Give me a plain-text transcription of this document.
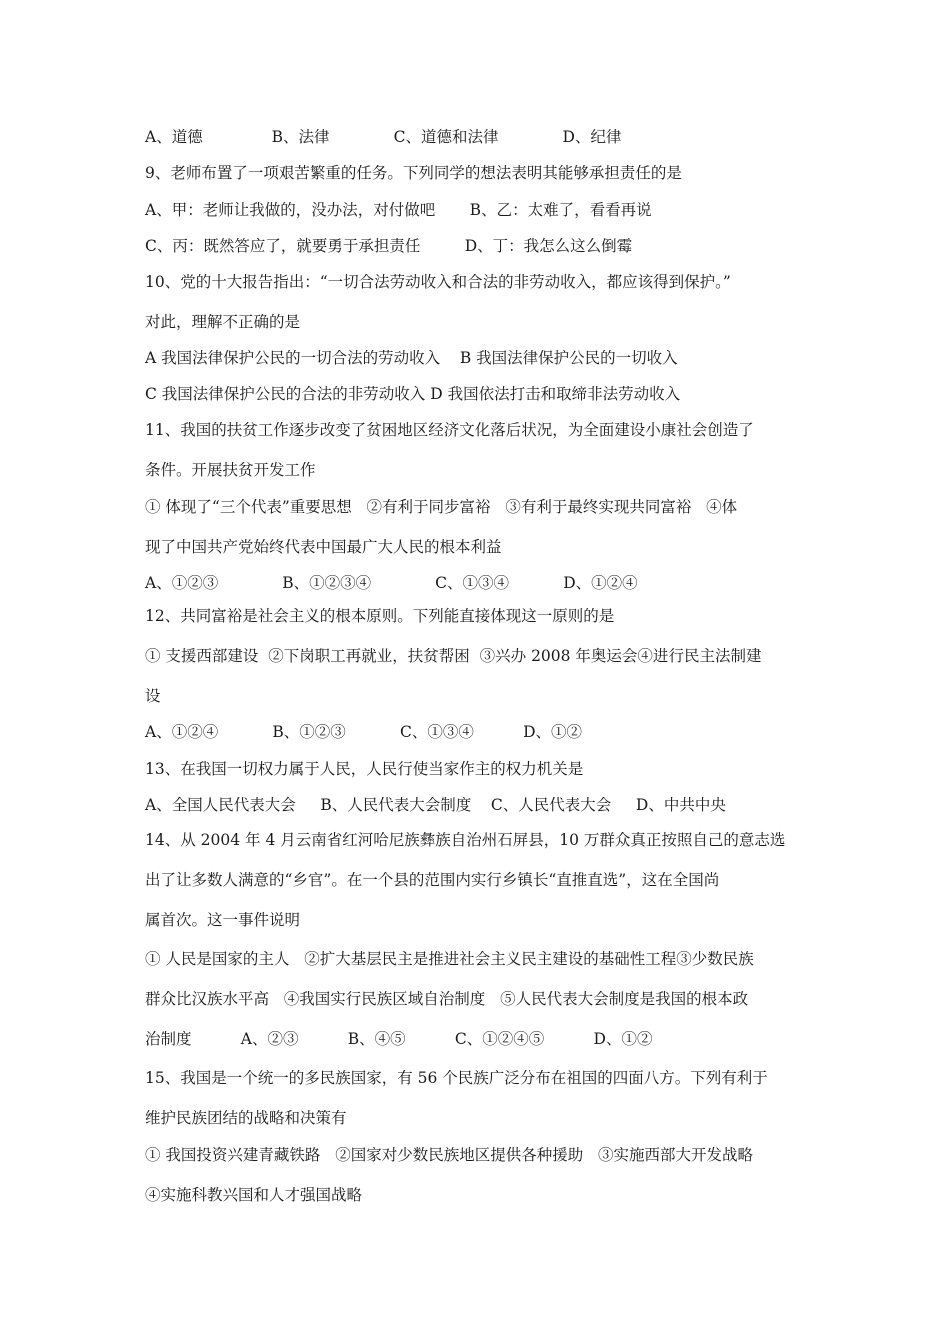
A、道德              B、法律             C、道德和法律             D、纪律
9、老师布置了一项艰苦繁重的任务。下列同学的想法表明其能够承担责任的是
A、甲：老师让我做的，没办法，对付做吧       B、乙：太难了，看看再说
C、丙：既然答应了，就要勇于承担责任         D、丁：我怎么这么倒霉
10、党的十大报告指出：“一切合法劳动收入和合法的非劳动收入，都应该得到保护。”
对此，理解不正确的是
A 我国法律保护公民的一切合法的劳动收入    B 我国法律保护公民的一切收入
C 我国法律保护公民的合法的非劳动收入 D 我国依法打击和取缔非法劳动收入
11、我国的扶贫工作逐步改变了贫困地区经济文化落后状况，为全面建设小康社会创造了
条件。开展扶贫开发工作
① 体现了“三个代表”重要思想   ②有利于同步富裕   ③有利于最终实现共同富裕   ④体
现了中国共产党始终代表中国最广大人民的根本利益
A、①②③             B、①②③④             C、①③④           D、①②④
12、共同富裕是社会主义的根本原则。下列能直接体现这一原则的是
① 支援西部建设  ②下岗职工再就业，扶贫帮困  ③兴办 2008 年奥运会④进行民主法制建
设
A、①②④           B、①②③           C、①③④          D、①②
13、在我国一切权力属于人民，人民行使当家作主的权力机关是
A、全国人民代表大会     B、人民代表大会制度    C、人民代表大会     D、中共中央
14、从 2004 年 4 月云南省红河哈尼族彝族自治州石屏县，10 万群众真正按照自己的意志选
出了让多数人满意的“乡官”。在一个县的范围内实行乡镇长“直推直选”，这在全国尚
属首次。这一事件说明
① 人民是国家的主人   ②扩大基层民主是推进社会主义民主建设的基础性工程③少数民族
群众比汉族水平高   ④我国实行民族区域自治制度   ⑤人民代表大会制度是我国的根本政
治制度          A、②③          B、④⑤          C、①②④⑤          D、①②
15、我国是一个统一的多民族国家，有 56 个民族广泛分布在祖国的四面八方。下列有利于
维护民族团结的战略和决策有
① 我国投资兴建青藏铁路   ②国家对少数民族地区提供各种援助   ③实施西部大开发战略
④实施科教兴国和人才强国战略
